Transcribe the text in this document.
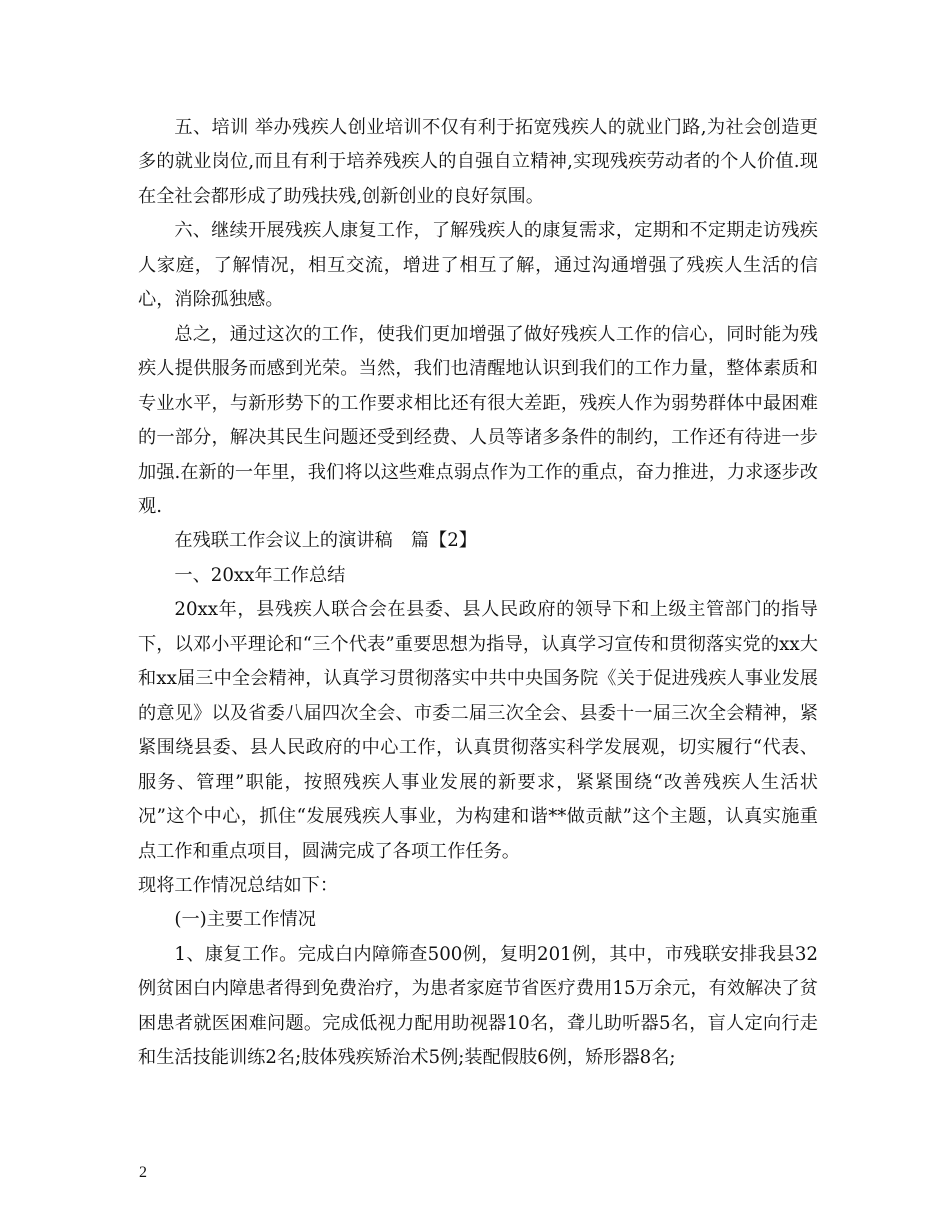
五、培训 举办残疾人创业培训不仅有利于拓宽残疾人的就业门路,为社会创造更多的就业岗位,而且有利于培养残疾人的自强自立精神,实现残疾劳动者的个人价值.现在全社会都形成了助残扶残,创新创业的良好氛围。

六、继续开展残疾人康复工作，了解残疾人的康复需求，定期和不定期走访残疾人家庭，了解情况，相互交流，增进了相互了解，通过沟通增强了残疾人生活的信心，消除孤独感。

总之，通过这次的工作，使我们更加增强了做好残疾人工作的信心，同时能为残疾人提供服务而感到光荣。当然，我们也清醒地认识到我们的工作力量，整体素质和专业水平，与新形势下的工作要求相比还有很大差距，残疾人作为弱势群体中最困难的一部分，解决其民生问题还受到经费、人员等诸多条件的制约，工作还有待进一步加强.在新的一年里，我们将以这些难点弱点作为工作的重点，奋力推进，力求逐步改观.

在残联工作会议上的演讲稿　篇【2】

一、20xx年工作总结

20xx年，县残疾人联合会在县委、县人民政府的领导下和上级主管部门的指导下，以邓小平理论和“三个代表”重要思想为指导，认真学习宣传和贯彻落实党的xx大和xx届三中全会精神，认真学习贯彻落实中共中央国务院《关于促进残疾人事业发展的意见》以及省委八届四次全会、市委二届三次全会、县委十一届三次全会精神，紧紧围绕县委、县人民政府的中心工作，认真贯彻落实科学发展观，切实履行“代表、服务、管理”职能，按照残疾人事业发展的新要求，紧紧围绕“改善残疾人生活状况”这个中心，抓住“发展残疾人事业，为构建和谐**做贡献”这个主题，认真实施重点工作和重点项目，圆满完成了各项工作任务。

现将工作情况总结如下：

(一)主要工作情况

1、康复工作。完成白内障筛查500例，复明201例，其中，市残联安排我县32例贫困白内障患者得到免费治疗，为患者家庭节省医疗费用15万余元，有效解决了贫困患者就医困难问题。完成低视力配用助视器10名，聋儿助听器5名，盲人定向行走和生活技能训练2名;肢体残疾矫治术5例;装配假肢6例，矫形器8名;

2
